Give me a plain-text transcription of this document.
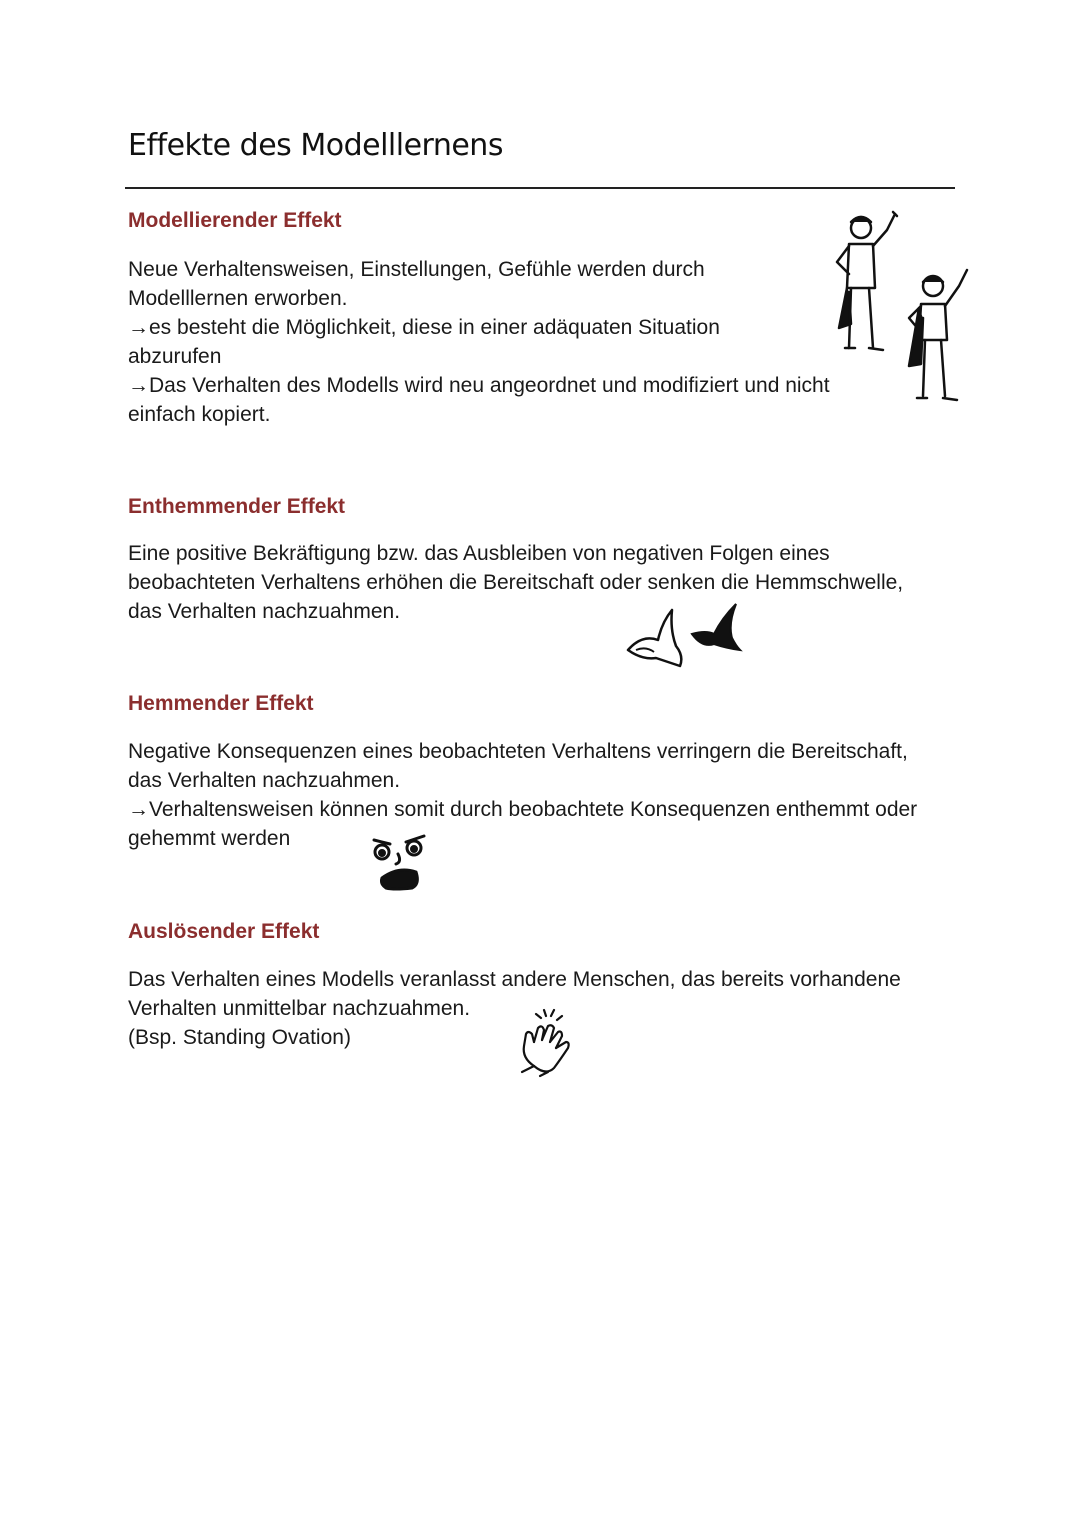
Effekte des Modelllernens
Modellierender Effekt

Neue Verhaltensweisen, Einstellungen, Gefühle werden durch
Modelllernen erworben.
→es besteht die Möglichkeit, diese in einer adäquaten Situation
abzurufen
→Das Verhalten des Modells wird neu angeordnet und modifiziert und nicht
einfach kopiert.

Enthemmender Effekt

Eine positive Bekräftigung bzw. das Ausbleiben von negativen Folgen eines
beobachteten Verhaltens erhöhen die Bereitschaft oder senken die Hemmschwelle,
das Verhalten nachzuahmen.

Hemmender Effekt

Negative Konsequenzen eines beobachteten Verhaltens verringern die Bereitschaft,
das Verhalten nachzuahmen.
→Verhaltensweisen können somit durch beobachtete Konsequenzen enthemmt oder
gehemmt werden

Auslösender Effekt

Das Verhalten eines Modells veranlasst andere Menschen, das bereits vorhandene
Verhalten unmittelbar nachzuahmen.
(Bsp. Standing Ovation)
